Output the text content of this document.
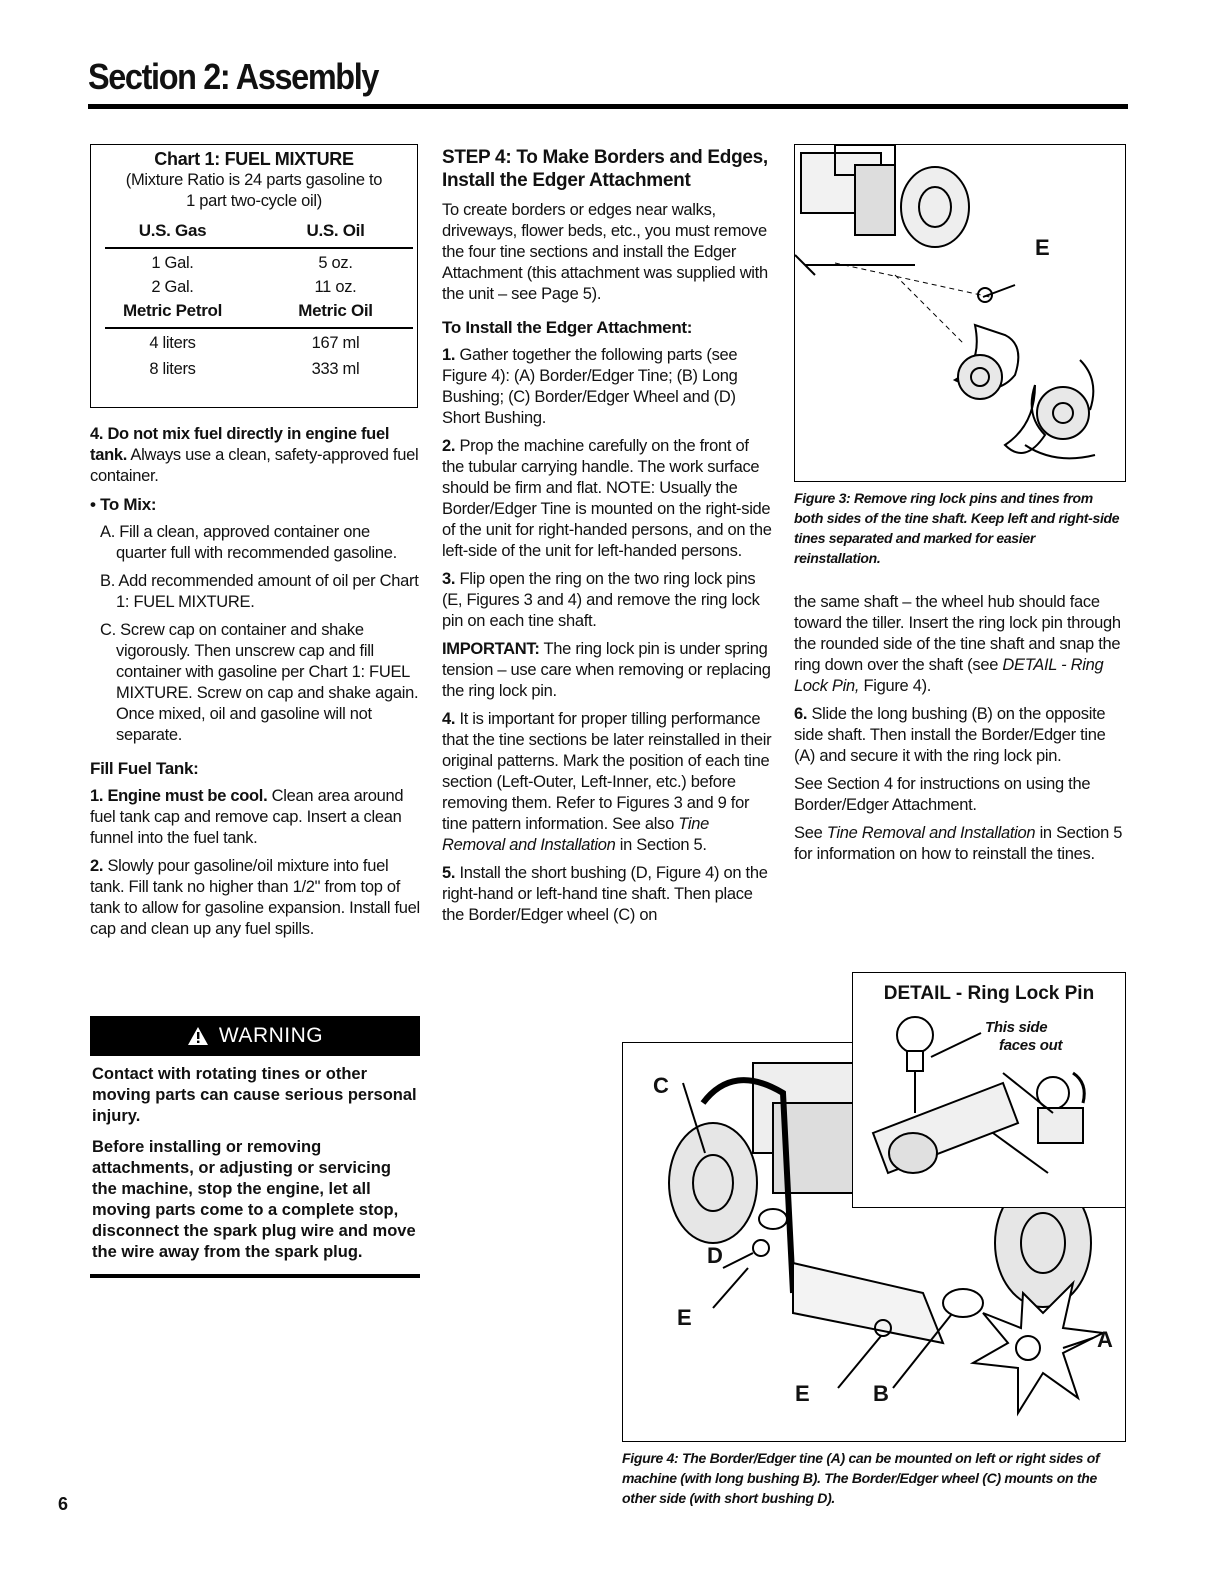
Section 2: Assembly
Chart 1: FUEL MIXTURE
(Mixture Ratio is 24 parts gasoline to
1 part two-cycle oil)
U.S. Gas	U.S. Oil

1 Gal.	5 oz.
2 Gal.	11 oz.
Metric Petrol	Metric Oil

4 liters	167 ml
8 liters	333 ml

4. Do not mix fuel directly in engine fuel tank. Always use a clean, safety-approved fuel container.

• To Mix:

A. Fill a clean, approved container one quarter full with recommended gasoline.

B. Add recommended amount of oil per Chart 1: FUEL MIXTURE.

C. Screw cap on container and shake vigorously. Then unscrew cap and fill container with gasoline per Chart 1: FUEL MIXTURE. Screw on cap and shake again. Once mixed, oil and gasoline will not separate.

Fill Fuel Tank:

1. Engine must be cool. Clean area around fuel tank cap and remove cap. Insert a clean funnel into the fuel tank.

2. Slowly pour gasoline/oil mixture into fuel tank. Fill tank no higher than 1/2" from top of tank to allow for gasoline expansion. Install fuel cap and clean up any fuel spills.

WARNING

Contact with rotating tines or other moving parts can cause serious personal injury.

Before installing or removing attachments, or adjusting or servicing the machine, stop the engine, let all moving parts come to a complete stop, disconnect the spark plug wire and move the wire away from the spark plug.

STEP 4: To Make Borders and Edges, Install the Edger Attachment

To create borders or edges near walks, driveways, flower beds, etc., you must remove the four tine sections and install the Edger Attachment (this attachment was supplied with the unit – see Page 5).

To Install the Edger Attachment:

1. Gather together the following parts (see Figure 4): (A) Border/Edger Tine; (B) Long Bushing; (C) Border/Edger Wheel and (D) Short Bushing.

2. Prop the machine carefully on the front of the tubular carrying handle. The work surface should be firm and flat. NOTE: Usually the Border/Edger Tine is mounted on the right-side of the unit for right-handed persons, and on the left-side of the unit for left-handed persons.

3. Flip open the ring on the two ring lock pins (E, Figures 3 and 4) and remove the ring lock pin on each tine shaft.

IMPORTANT: The ring lock pin is under spring tension – use care when removing or replacing the ring lock pin.

4. It is important for proper tilling performance that the tine sections be later reinstalled in their original patterns. Mark the position of each tine section (Left-Outer, Left-Inner, etc.) before removing them. Refer to Figures 3 and 9 for tine pattern information. See also Tine Removal and Installation in Section 5.

5. Install the short bushing (D, Figure 4) on the right-hand or left-hand tine shaft. Then place the Border/Edger wheel (C) on

E
Figure 3: Remove ring lock pins and tines from both sides of the tine shaft. Keep left and right-side tines separated and marked for easier reinstallation.

the same shaft – the wheel hub should face toward the tiller. Insert the ring lock pin through the rounded side of the tine shaft and snap the ring down over the shaft (see DETAIL - Ring Lock Pin, Figure 4).

6. Slide the long bushing (B) on the opposite side shaft. Then install the Border/Edger tine (A) and secure it with the ring lock pin.

See Section 4 for instructions on using the Border/Edger Attachment.

See Tine Removal and Installation in Section 5 for information on how to reinstall the tines.

C
D
E
E	B
A
DETAIL - Ring Lock Pin
This side
faces out
Figure 4: The Border/Edger tine (A) can be mounted on left or right sides of machine (with long bushing B). The Border/Edger wheel (C) mounts on the other side (with short bushing D).
6
